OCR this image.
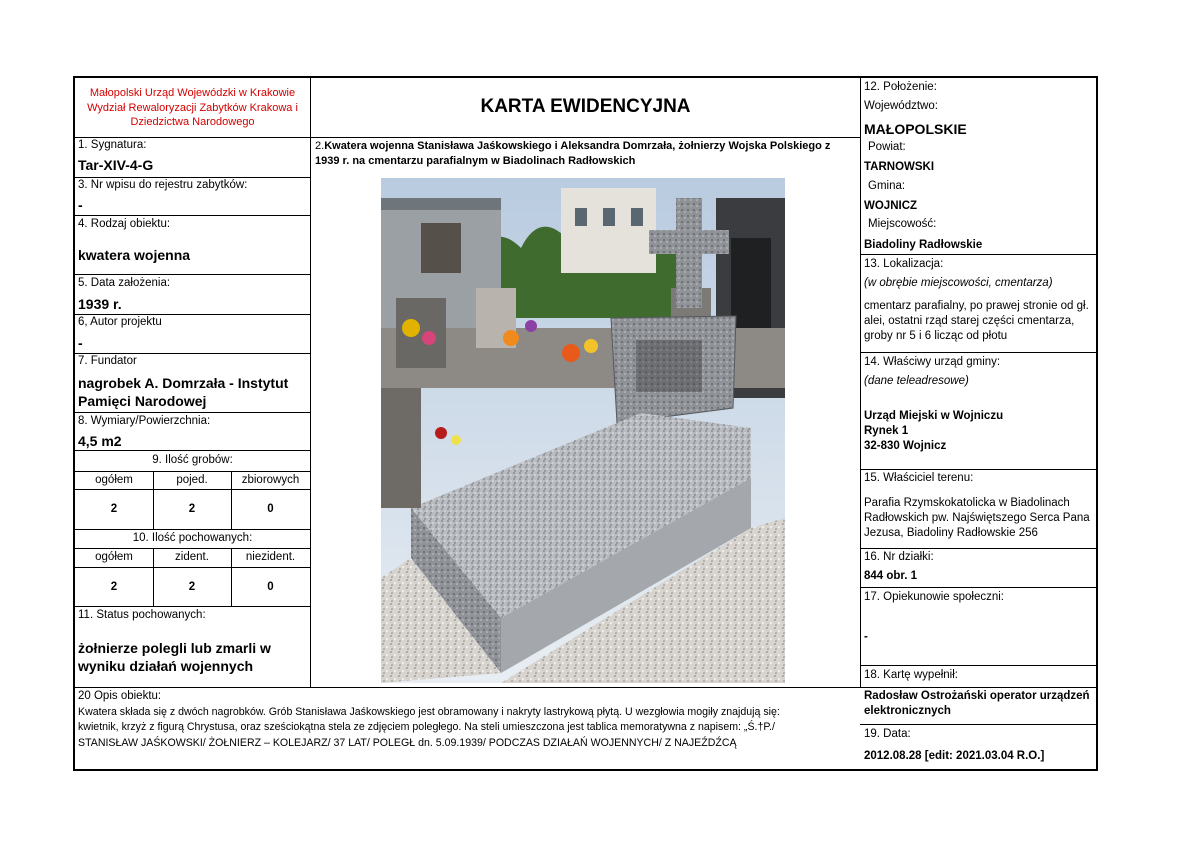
Małopolski Urząd Wojewódzki w Krakowie
Wydział Rewaloryzacji Zabytków Krakowa i
Dziedzictwa Narodowego
KARTA EWIDENCYJNA
2.Kwatera wojenna Stanisława Jaśkowskiego i Aleksandra Domrzała, żołnierzy Wojska Polskiego z 1939 r. na cmentarzu parafialnym w Biadolinach Radłowskich
1. Sygnatura:
Tar-XIV-4-G
3. Nr wpisu do rejestru zabytków:
-
4. Rodzaj obiektu:
kwatera wojenna
5. Data założenia:
1939 r.
6, Autor projektu
-
7. Fundator
nagrobek A. Domrzała - Instytut
Pamięci Narodowej
8. Wymiary/Powierzchnia:
4,5 m2
9. Ilość grobów:
ogółem	pojed.	zbiorowych
2	2	0
10. Ilość pochowanych:
ogółem	zident.	niezident.
2	2	0
11. Status pochowanych:
żołnierze polegli lub zmarli w
wyniku działań wojennych
12. Położenie:
Województwo:
MAŁOPOLSKIE
Powiat:
TARNOWSKI
Gmina:
WOJNICZ
Miejscowość:
Biadoliny Radłowskie
13. Lokalizacja:
(w obrębie miejscowości, cmentarza)
cmentarz parafialny, po prawej stronie od gł.
alei, ostatni rząd starej części cmentarza,
groby nr 5 i 6 licząc od płotu
14. Właściwy urząd gminy:
(dane teleadresowe)
Urząd Miejski w Wojniczu
Rynek 1
32-830 Wojnicz
15. Właściciel terenu:
Parafia Rzymskokatolicka w Biadolinach
Radłowskich pw. Najświętszego Serca Pana
Jezusa, Biadoliny Radłowskie 256
16. Nr działki:
844 obr. 1
17. Opiekunowie społeczni:
-
18. Kartę wypełnił:
Radosław Ostrożański operator urządzeń
elektronicznych
19. Data:
2012.08.28 [edit: 2021.03.04 R.O.]
20 Opis obiektu:
Kwatera składa się z dwóch nagrobków. Grób Stanisława Jaśkowskiego jest obramowany i nakryty lastrykową płytą. U wezgłowia mogiły znajdują się:
kwietnik, krzyż z figurą Chrystusa, oraz sześciokątna stela ze zdjęciem poległego. Na steli umieszczona jest tablica memoratywna z napisem: „Ś.†P./
STANISŁAW JAŚKOWSKI/ ŻOŁNIERZ – KOLEJARZ/ 37 LAT/ POLEGŁ dn. 5.09.1939/ PODCZAS DZIAŁAŃ WOJENNYCH/ Z NAJEŹDŹCĄ
